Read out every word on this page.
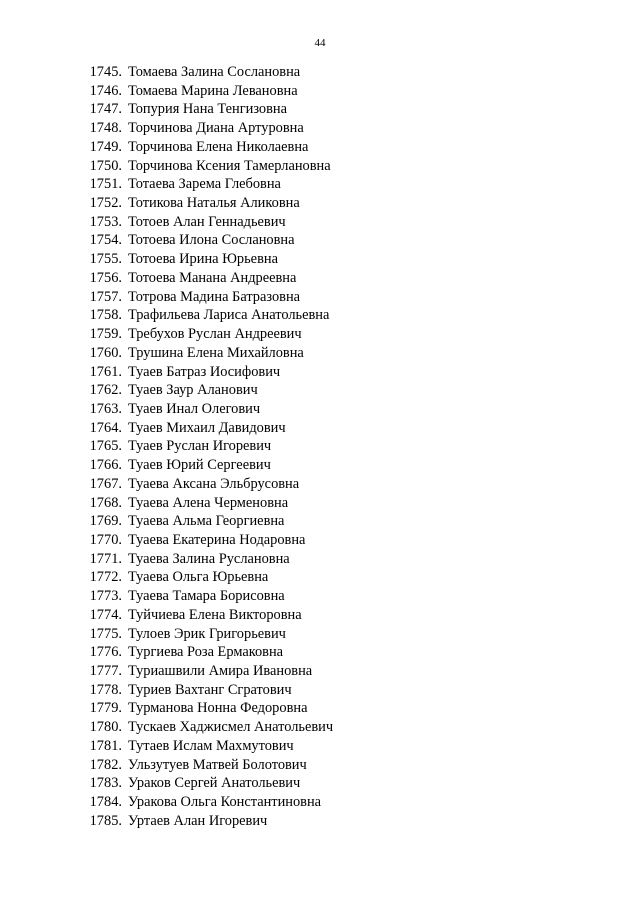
44
1745. Томаева Залина Сослановна
1746. Томаева Марина Левановна
1747. Топурия Нана Тенгизовна
1748. Торчинова Диана Артуровна
1749. Торчинова Елена Николаевна
1750. Торчинова Ксения Тамерлановна
1751. Тотаева Зарема Глебовна
1752. Тотикова Наталья Аликовна
1753. Тотоев Алан Геннадьевич
1754. Тотоева Илона Сослановна
1755. Тотоева Ирина Юрьевна
1756. Тотоева Манана Андреевна
1757. Тотрова Мадина Батразовна
1758. Трафильева Лариса Анатольевна
1759. Требухов Руслан Андреевич
1760. Трушина Елена Михайловна
1761. Туаев Батраз Иосифович
1762. Туаев Заур Аланович
1763. Туаев Инал Олегович
1764. Туаев Михаил Давидович
1765. Туаев Руслан Игоревич
1766. Туаев Юрий Сергеевич
1767. Туаева Аксана Эльбрусовна
1768. Туаева Алена Черменовна
1769. Туаева Альма Георгиевна
1770. Туаева Екатерина Нодаровна
1771. Туаева Залина Руслановна
1772. Туаева Ольга Юрьевна
1773. Туаева Тамара Борисовна
1774. Туйчиева Елена Викторовна
1775. Тулоев Эрик Григорьевич
1776. Тургиева Роза Ермаковна
1777. Туриашвили Амира Ивановна
1778. Туриев Вахтанг Сгратович
1779. Турманова Нонна Федоровна
1780. Тускаев Хаджисмел Анатольевич
1781. Тутаев Ислам Махмутович
1782. Ульзутуев Матвей Болотович
1783. Ураков Сергей Анатольевич
1784. Уракова Ольга Константиновна
1785. Уртаев Алан Игоревич
